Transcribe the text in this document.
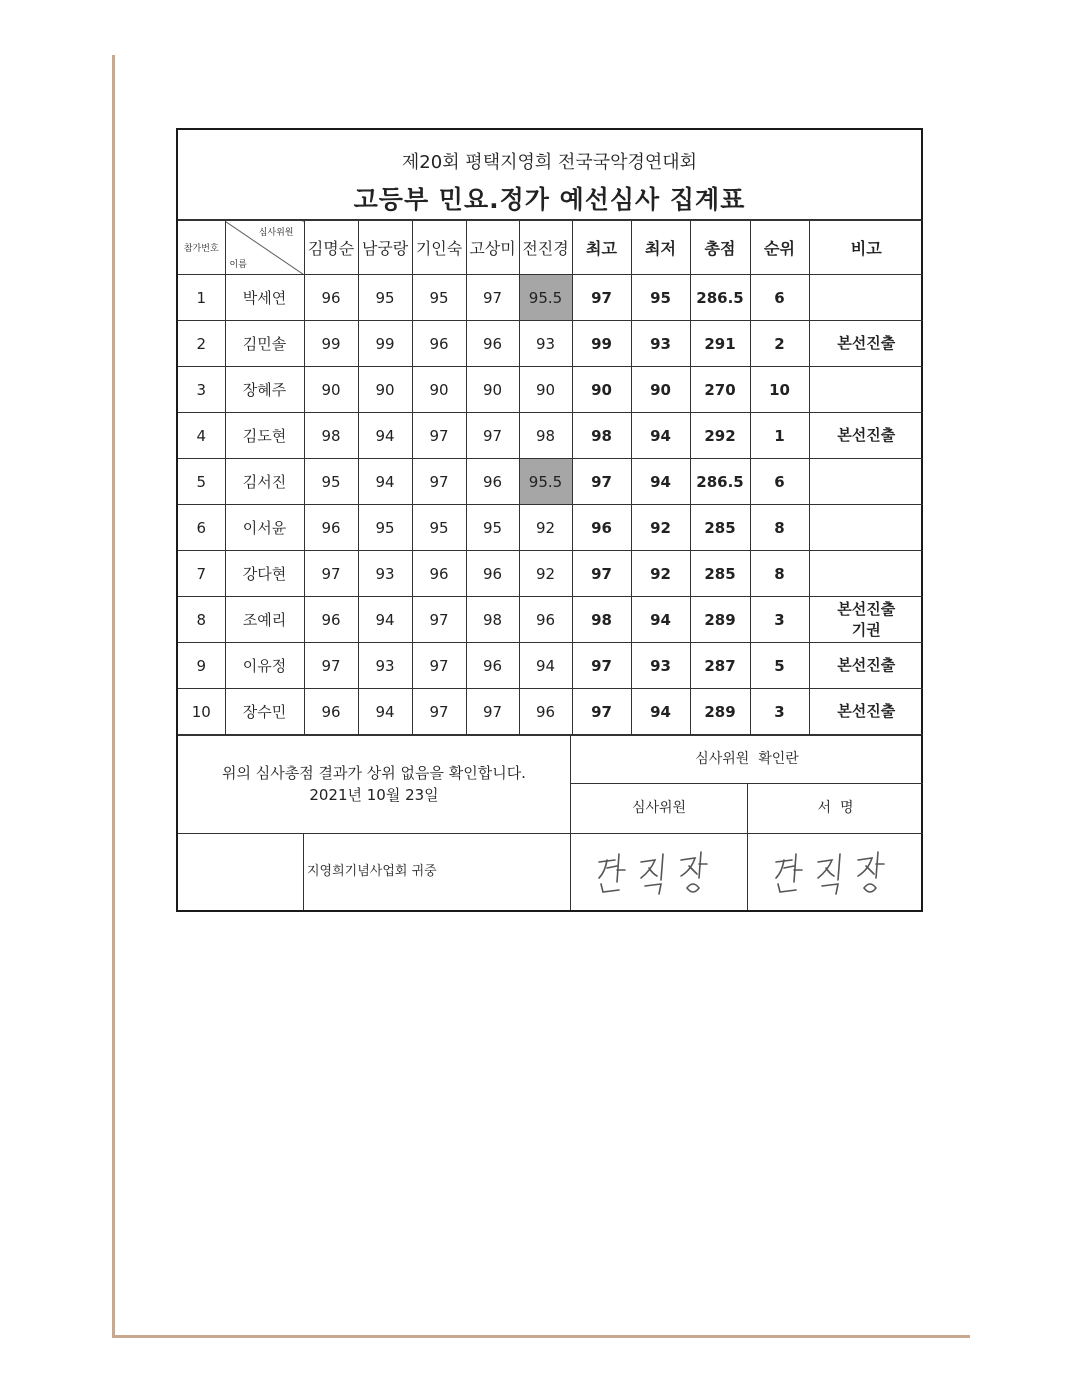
제20회 평택지영희 전국국악경연대회
고등부 민요.정가 예선심사 집계표
참가번호	심사위원
이름	김명순	남궁랑	기인숙	고상미	전진경	최고	최저	총점	순위	비고
1	박세연	96	95	95	97	95.5	97	95	286.5	6	

2	김민솔	99	99	96	96	93	99	93	291	2	본선진출

3	장혜주	90	90	90	90	90	90	90	270	10	

4	김도현	98	94	97	97	98	98	94	292	1	본선진출

5	김서진	95	94	97	96	95.5	97	94	286.5	6	

6	이서윤	96	95	95	95	92	96	92	285	8	

7	강다현	97	93	96	96	92	97	92	285	8	

8	조예리	96	94	97	98	96	98	94	289	3	본선진출
기권

9	이유정	97	93	97	96	94	97	93	287	5	본선진출

10	장수민	96	94	97	97	96	97	94	289	3	본선진출
위의 심사총점 결과가 상위 없음을 확인합니다.
2021년 10월 23일
심사위원  확인란
심사위원	서  명
지영희기념사업회 귀중
